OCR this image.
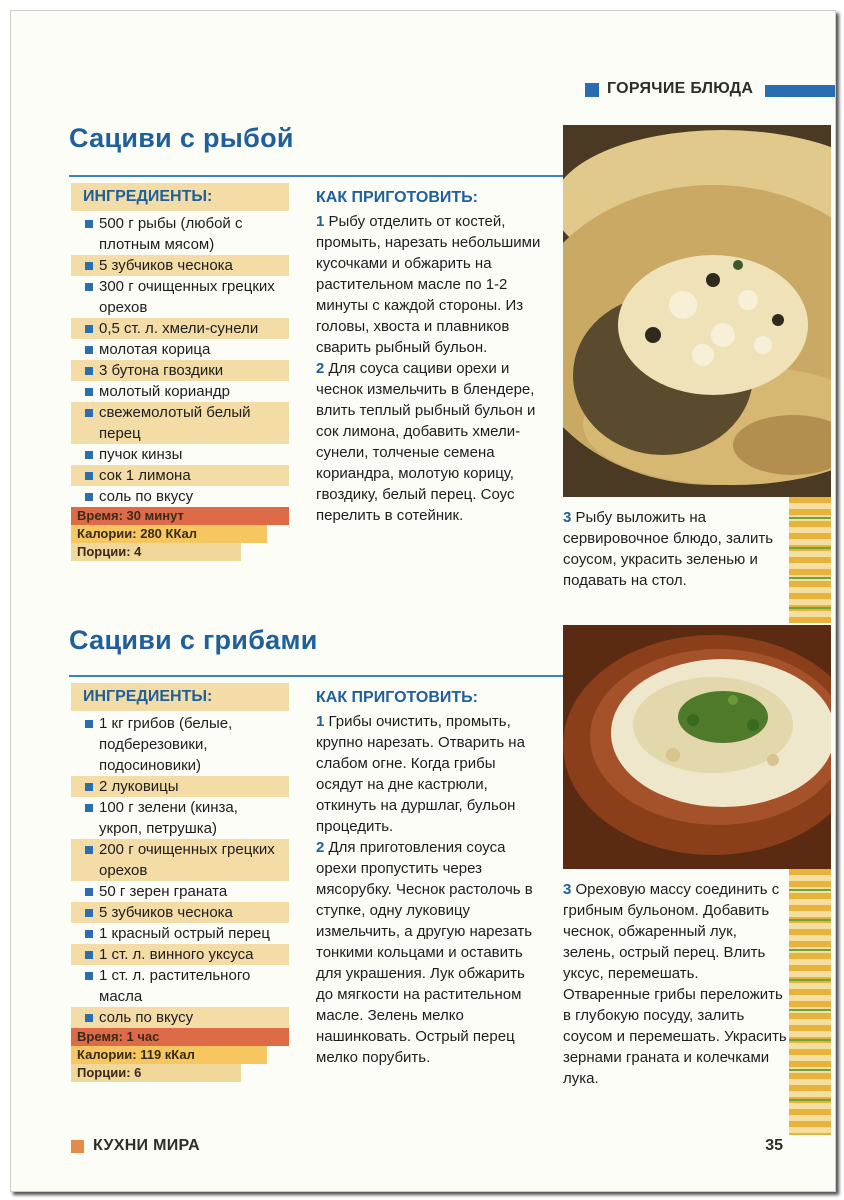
ГОРЯЧИЕ БЛЮДА
Сациви с рыбой
ИНГРЕДИЕНТЫ:
500 г рыбы (любой с плотным мясом)
5 зубчиков чеснока
300 г очищенных грецких орехов
0,5 ст. л. хмели-сунели
молотая корица
3 бутона гвоздики
молотый кориандр
свежемолотый белый перец
пучок кинзы
сок 1 лимона
соль по вкусу
Время: 30 минут
Калории: 280 ККал
Порции: 4
КАК ПРИГОТОВИТЬ:

1 Рыбу отделить от костей, промыть, нарезать небольшими кусочками и обжарить на растительном масле по 1-2 минуты с каждой стороны. Из головы, хвоста и плавников сварить рыбный бульон.

2 Для соуса сациви орехи и чеснок измельчить в блендере, влить теплый рыбный бульон и сок лимона, добавить хмели-сунели, толченые семена кориандра, молотую корицу, гвоздику, белый перец. Соус перелить в сотейник.	3 Рыбу выложить на сервировочное блюдо, залить соусом, украсить зеленью и подавать на стол.

Сациви с грибами
ИНГРЕДИЕНТЫ:
1 кг грибов (белые, подберезовики, подосиновики)
2 луковицы
100 г зелени (кинза, укроп, петрушка)
200 г очищенных грецких орехов
50 г зерен граната
5 зубчиков чеснока
1 красный острый перец
1 ст. л. винного уксуса
1 ст. л. растительного масла
соль по вкусу
Время: 1 час
Калории: 119 кКал
Порции: 6
КАК ПРИГОТОВИТЬ:

1 Грибы очистить, промыть, крупно нарезать. Отварить на слабом огне. Когда грибы осядут на дне кастрюли, откинуть на дуршлаг, бульон процедить.

2 Для приготовления соуса орехи пропустить через мясорубку. Чеснок растолочь в ступке, одну луковицу измельчить, а другую нарезать тонкими кольцами и оставить для украшения. Лук обжарить до мягкости на растительном масле. Зелень мелко нашинковать. Острый перец мелко порубить.

3 Ореховую массу соединить с грибным бульоном. Добавить чеснок, обжаренный лук, зелень, острый перец. Влить уксус, перемешать. Отваренные грибы переложить в глубокую посуду, залить соусом и перемешать. Украсить зернами граната и колечками лука.

КУХНИ МИРА	35
